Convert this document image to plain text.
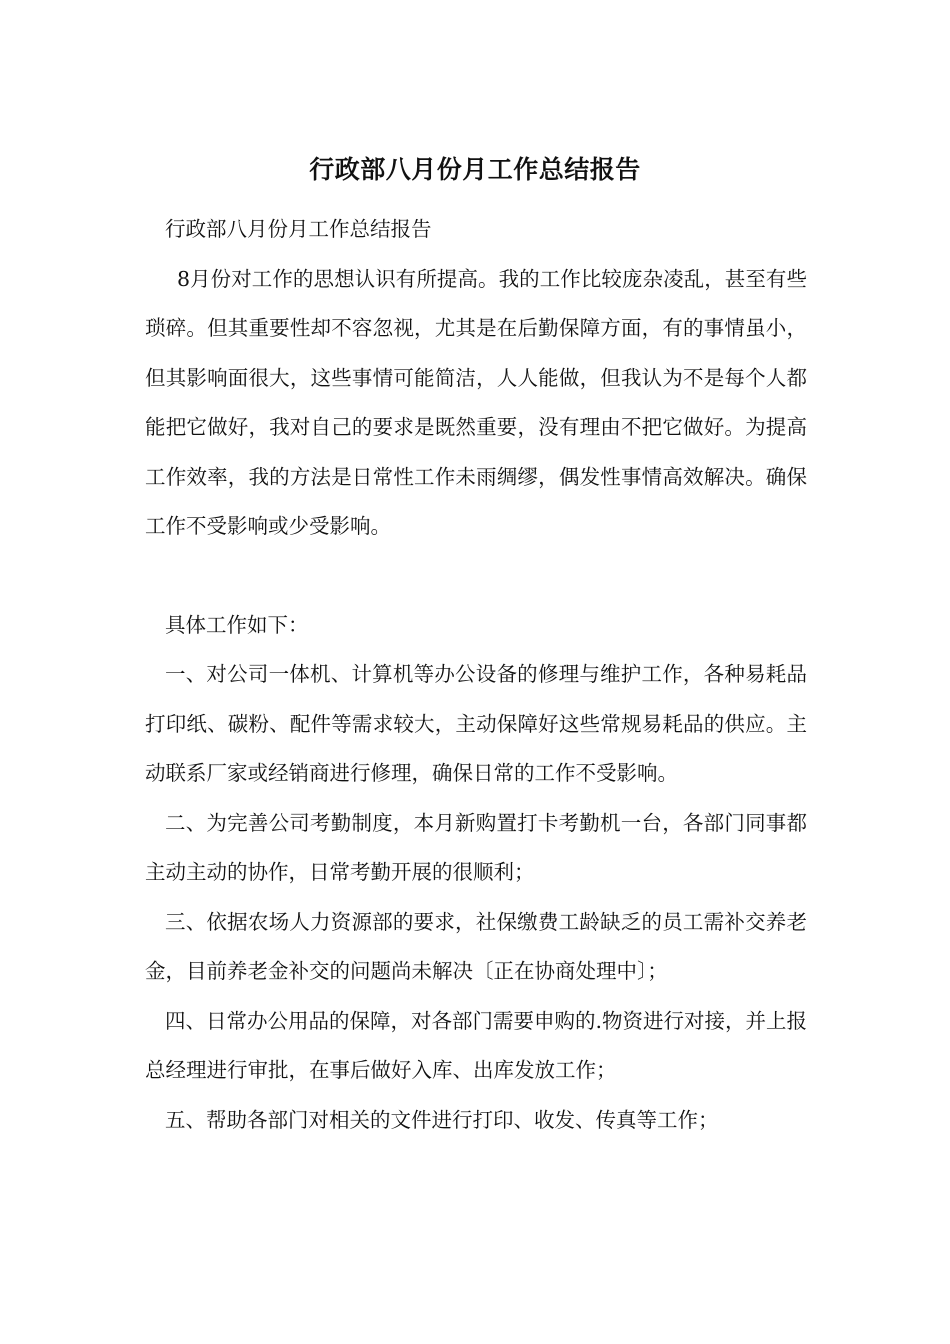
行政部八月份月工作总结报告

行政部八月份月工作总结报告

8月份对工作的思想认识有所提高。我的工作比较庞杂凌乱，甚至有些琐碎。但其重要性却不容忽视，尤其是在后勤保障方面，有的事情虽小，但其影响面很大，这些事情可能简洁，人人能做，但我认为不是每个人都能把它做好，我对自己的要求是既然重要，没有理由不把它做好。为提高工作效率，我的方法是日常性工作未雨绸缪，偶发性事情高效解决。确保工作不受影响或少受影响。

具体工作如下：

一、对公司一体机、计算机等办公设备的修理与维护工作，各种易耗品打印纸、碳粉、配件等需求较大，主动保障好这些常规易耗品的供应。主动联系厂家或经销商进行修理，确保日常的工作不受影响。

二、为完善公司考勤制度，本月新购置打卡考勤机一台，各部门同事都主动主动的协作，日常考勤开展的很顺利；

三、依据农场人力资源部的要求，社保缴费工龄缺乏的员工需补交养老金，目前养老金补交的问题尚未解决〔正在协商处理中〕；

四、日常办公用品的保障，对各部门需要申购的.物资进行对接，并上报总经理进行审批，在事后做好入库、出库发放工作；

五、帮助各部门对相关的文件进行打印、收发、传真等工作；
